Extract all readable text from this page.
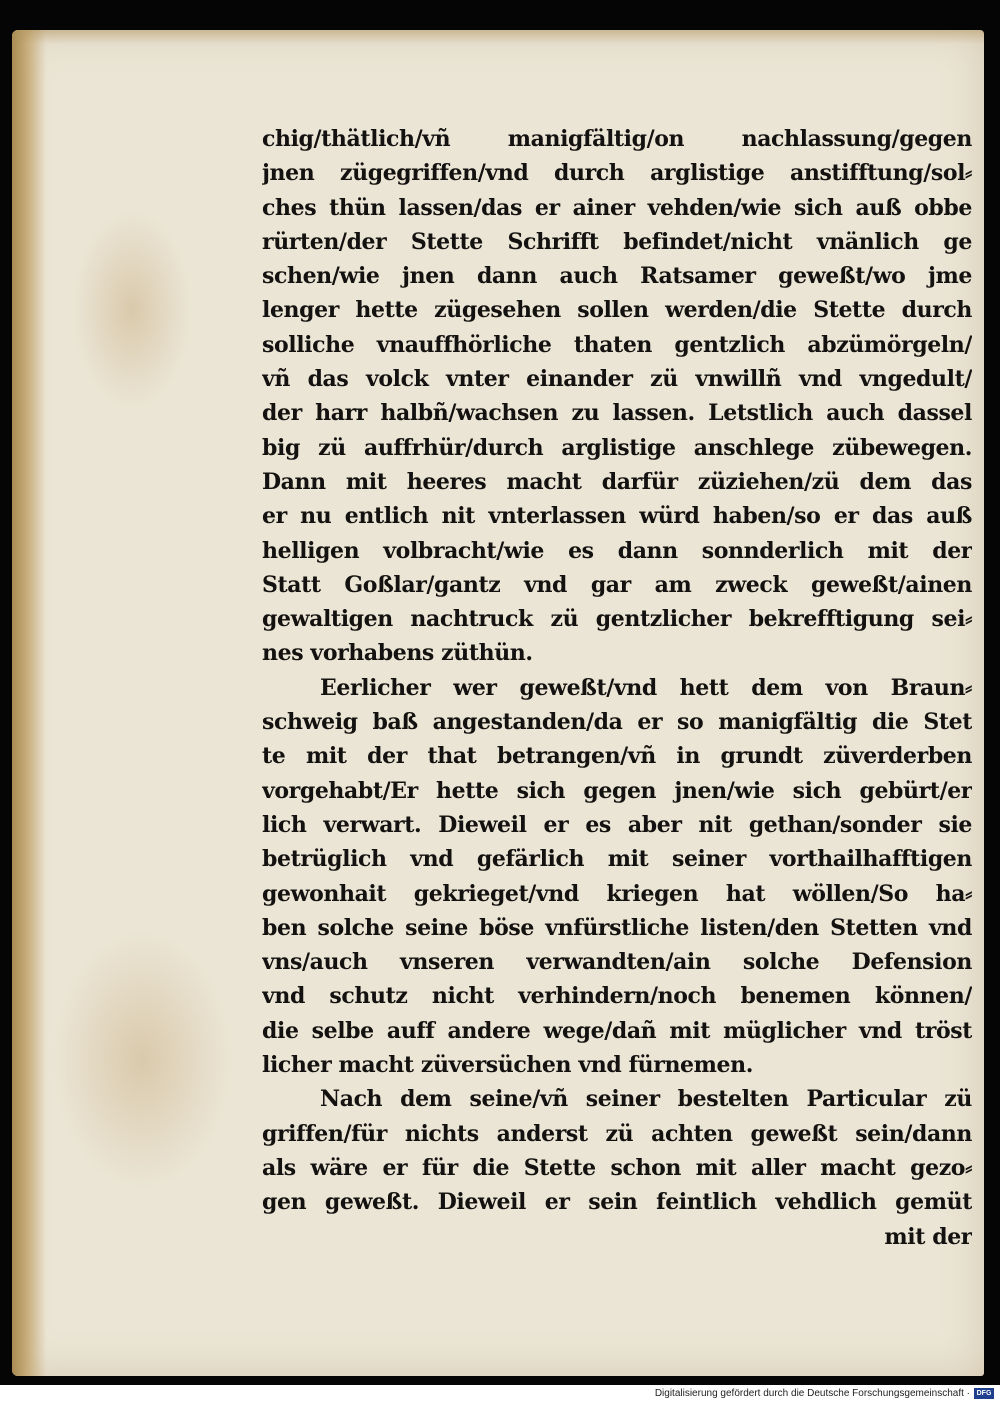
chig/thätlich/vñ manigfältig/on nachlassung/gegen
jnen zügegriffen/vnd durch arglistige anstifftung/sol⸗
ches thün lassen/das er ainer vehden/wie sich auß obbe
rürten/der Stette Schrifft befindet/nicht vnänlich ge
schen/wie jnen dann auch Ratsamer geweßt/wo jme
lenger hette zügesehen sollen werden/die Stette durch
solliche vnauffhörliche thaten gentzlich abzümörgeln/
vñ das volck vnter einander zü vnwillñ vnd vngedult/
der harr halbñ/wachsen zu lassen. Letstlich auch dassel
big zü auffrhür/durch arglistige anschlege zübewegen.
Dann mit heeres macht darfür züziehen/zü dem das
er nu entlich nit vnterlassen würd haben/so er das auß
helligen volbracht/wie es dann sonnderlich mit der
Statt Goßlar/gantz vnd gar am zweck geweßt/ainen
gewaltigen nachtruck zü gentzlicher bekrefftigung sei⸗
nes vorhabens züthün.
Eerlicher wer geweßt/vnd hett dem von Braun⸗
schweig baß angestanden/da er so manigfältig die Stet
te mit der that betrangen/vñ in grundt züverderben
vorgehabt/Er hette sich gegen jnen/wie sich gebürt/er
lich verwart. Dieweil er es aber nit gethan/sonder sie
betrüglich vnd gefärlich mit seiner vorthailhafftigen
gewonhait gekrieget/vnd kriegen hat wöllen/So ha⸗
ben solche seine böse vnfürstliche listen/den Stetten vnd
vns/auch vnseren verwandten/ain solche Defension
vnd schutz nicht verhindern/noch benemen können/
die selbe auff andere wege/dañ mit müglicher vnd tröst
licher macht züversüchen vnd fürnemen.
Nach dem seine/vñ seiner bestelten Particular zü
griffen/für nichts anderst zü achten geweßt sein/dann
als wäre er für die Stette schon mit aller macht gezo⸗
gen geweßt. Dieweil er sein feintlich vehdlich gemüt
mit der
Digitalisierung gefördert durch die Deutsche Forschungsgemeinschaft · DFG
